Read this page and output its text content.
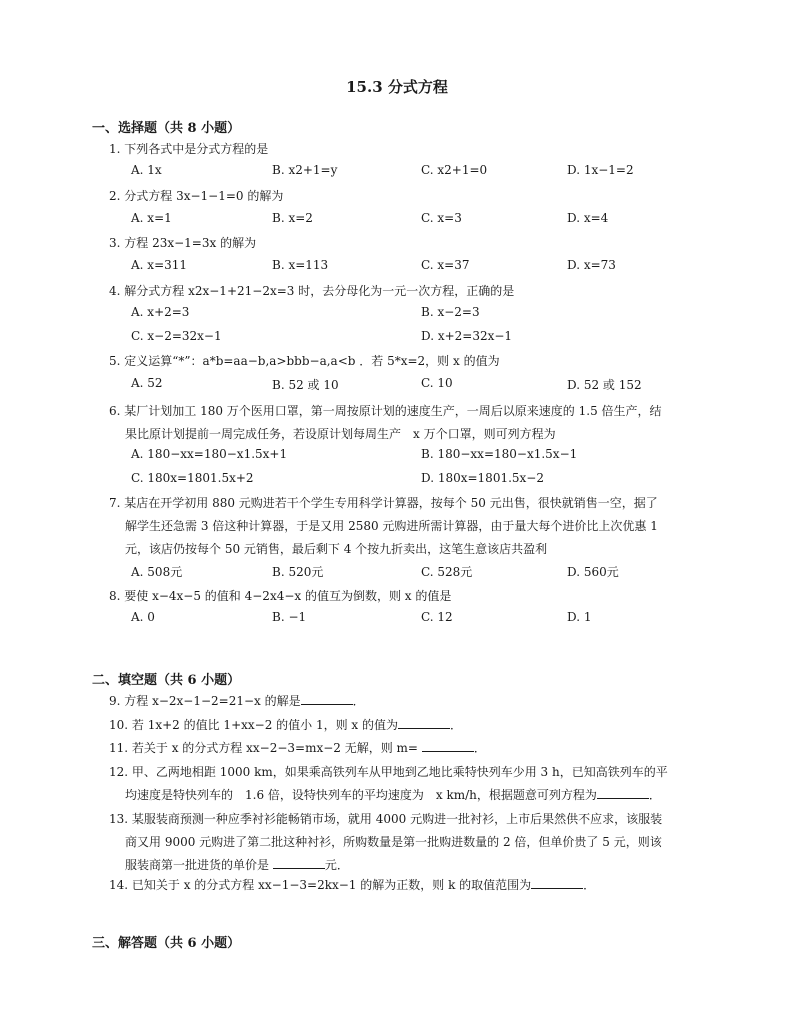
15.3 分式方程
一、选择题（共 8 小题）
1. 下列各式中是分式方程的是
A. 1x	B. x2+1=y	C. x2+1=0	D. 1x−1=2
2. 分式方程 3x−1−1=0 的解为
A. x=1	B. x=2	C. x=3	D. x=4
3. 方程 23x−1=3x 的解为
A. x=311	B. x=113	C. x=37	D. x=73
4. 解分式方程 x2x−1+21−2x=3 时，去分母化为一元一次方程，正确的是
A. x+2=3	B. x−2=3
C. x−2=32x−1	D. x+2=32x−1
5. 定义运算“*”：a*b=aa−b,a>bbb−a,a<b ．若 5*x=2，则 x 的值为
A. 52	B. 52 或 10	C. 10	D. 52 或 152
6. 某厂计划加工 180 万个医用口罩，第一周按原计划的速度生产，一周后以原来速度的 1.5 倍生产，结
果比原计划提前一周完成任务，若设原计划每周生产　x 万个口罩，则可列方程为
A. 180−xx=180−x1.5x+1	B. 180−xx=180−x1.5x−1
C. 180x=1801.5x+2	D. 180x=1801.5x−2
7. 某店在开学初用 880 元购进若干个学生专用科学计算器，按每个 50 元出售，很快就销售一空，据了
解学生还急需 3 倍这种计算器，于是又用 2580 元购进所需计算器，由于量大每个进价比上次优惠 1
元，该店仍按每个 50 元销售，最后剩下 4 个按九折卖出，这笔生意该店共盈利
A. 508元	B. 520元	C. 528元	D. 560元
8. 要使 x−4x−5 的值和 4−2x4−x 的值互为倒数，则 x 的值是
A. 0	B. −1	C. 12	D. 1
二、填空题（共 6 小题）
9. 方程 x−2x−1−2=21−x 的解是	．
10. 若 1x+2 的值比 1+xx−2 的值小 1，则 x 的值为	．
11. 若关于 x 的分式方程 xx−2−3=mx−2 无解，则 m=	．
12. 甲、乙两地相距 1000 km，如果乘高铁列车从甲地到乙地比乘特快列车少用 3 h，已知高铁列车的平
均速度是特快列车的　1.6 倍，设特快列车的平均速度为　x km/h，根据题意可列方程为	．
13. 某服装商预测一种应季衬衫能畅销市场，就用 4000 元购进一批衬衫，上市后果然供不应求，该服装
商又用 9000 元购进了第二批这种衬衫，所购数量是第一批购进数量的 2 倍，但单价贵了 5 元，则该
服装商第一批进货的单价是	元．
14. 已知关于 x 的分式方程 xx−1−3=2kx−1 的解为正数，则 k 的取值范围为	．
三、解答题（共 6 小题）
